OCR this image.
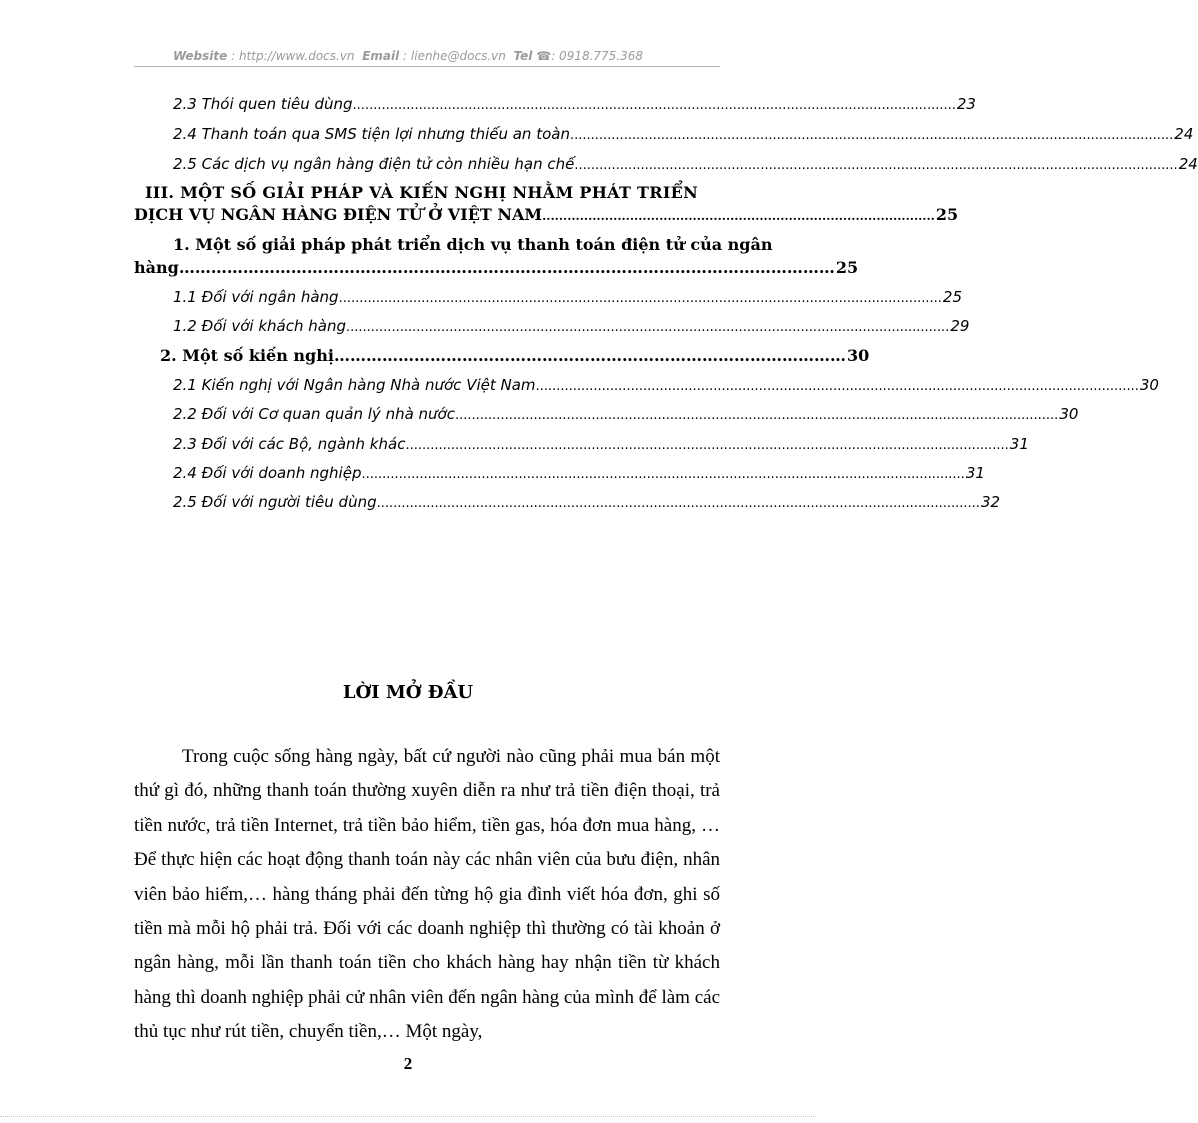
Website : http://www.docs.vn Email : lienhe@docs.vn Tel ☎: 0918.775.368
2.3 Thói quen tiêu dùng .................................................................................................................................................. 23
2.4 Thanh toán qua SMS tiện lợi nhưng thiếu an toàn .................................................................................................................................................. 24
2.5 Các dịch vụ ngân hàng điện tử còn nhiều hạn chế .................................................................................................................................................. 24
III. MỘT SỐ GIẢI PHÁP VÀ KIẾN NGHỊ NHẰM PHÁT TRIỂN
DỊCH VỤ NGÂN HÀNG ĐIỆN TỬ Ở VIỆT NAM .............................................................................................. 25
1. Một số giải pháp phát triển dịch vụ thanh toán điện tử của ngân
hàng …………………………………………………………………………………………………………… 25
1.1 Đối với ngân hàng .................................................................................................................................................. 25
1.2 Đối với khách hàng .................................................................................................................................................. 29
2. Một số kiến nghị …………………………………………………………………………………… 30
2.1 Kiến nghị với Ngân hàng Nhà nước Việt Nam .................................................................................................................................................. 30
2.2 Đối với Cơ quan quản lý nhà nước .................................................................................................................................................. 30
2.3 Đối với các Bộ, ngành khác .................................................................................................................................................. 31
2.4 Đối với doanh nghiệp .................................................................................................................................................. 31
2.5 Đối với người tiêu dùng .................................................................................................................................................. 32
LỜI MỞ ĐẦU
Trong cuộc sống hàng ngày, bất cứ người nào cũng phải mua bán một thứ gì đó, những thanh toán thường xuyên diễn ra như trả tiền điện thoại, trả tiền nước, trả tiền Internet, trả tiền bảo hiểm, tiền gas, hóa đơn mua hàng, … Để thực hiện các hoạt động thanh toán này các nhân viên của bưu điện, nhân viên bảo hiểm,… hàng tháng phải đến từng hộ gia đình viết hóa đơn, ghi số tiền mà mỗi hộ phải trả. Đối với các doanh nghiệp thì thường có tài khoản ở ngân hàng, mỗi lần thanh toán tiền cho khách hàng hay nhận tiền từ khách hàng thì doanh nghiệp phải cử nhân viên đến ngân hàng của mình để làm các thủ tục như rút tiền, chuyển tiền,… Một ngày,
2
